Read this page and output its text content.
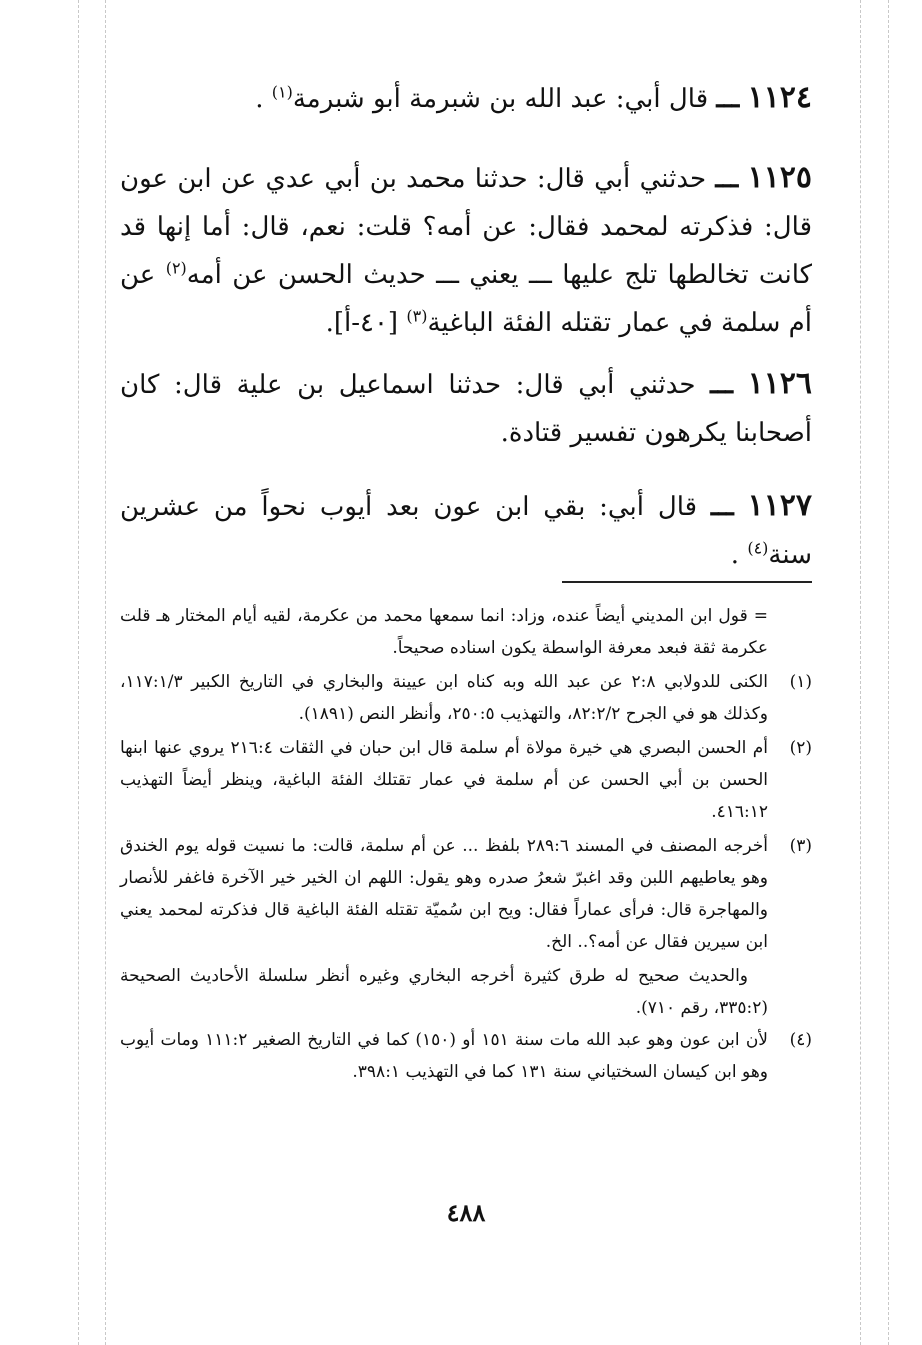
١١٢٤ ـــ قال أبي: عبد الله بن شبرمة أبو شبرمة$^{(١)}$ .

١١٢٥ ـــ حدثني أبي قال: حدثنا محمد بن أبي عدي عن ابن عون قال: فذكرته لمحمد فقال: عن أمه؟ قلت: نعم، قال: أما إنها قد كانت تخالطها تلج عليها ـــ يعني ـــ حديث الحسن عن أمه$^{(٢)}$ عن أم سلمة في عمار تقتله الفئة الباغية$^{(٣)}$ [٤٠-أ].

١١٢٦ ـــ حدثني أبي قال: حدثنا اسماعيل بن علية قال: كان أصحابنا يكرهون تفسير قتادة.

١١٢٧ ـــ قال أبي: بقي ابن عون بعد أيوب نحواً من عشرين سنة$^{(٤)}$ .

= قول ابن المديني أيضاً عنده، وزاد: انما سمعها محمد من عكرمة، لقيه أيام المختار هـ قلت عكرمة ثقة فبعد معرفة الواسطة يكون اسناده صحيحاً.
(١)
الكنى للدولابي ٢:٨ عن عبد الله وبه كناه ابن عيينة والبخاري في التاريخ الكبير ١١٧:١/٣، وكذلك هو في الجرح ٨٢:٢/٢، والتهذيب ٢٥٠:٥، وأنظر النص (١٨٩١).
(٢)
أم الحسن البصري هي خيرة مولاة أم سلمة قال ابن حبان في الثقات ٢١٦:٤ يروي عنها ابنها الحسن بن أبي الحسن عن أم سلمة في عمار تقتلك الفئة الباغية، وينظر أيضاً التهذيب ٤١٦:١٢.
(٣)
أخرجه المصنف في المسند ٢٨٩:٦ بلفظ ... عن أم سلمة، قالت: ما نسيت قوله يوم الخندق وهو يعاطيهم اللبن وقد اغبرّ شعرُ صدره وهو يقول: اللهم ان الخير خير الآخرة فاغفر للأنصار والمهاجرة قال: فرأى عماراً فقال: ويح ابن سُميّة تقتله الفئة الباغية قال فذكرته لمحمد يعني ابن سيرين فقال عن أمه؟.. الخ.
والحديث صحيح له طرق كثيرة أخرجه البخاري وغيره أنظر سلسلة الأحاديث الصحيحة (٣٣٥:٢، رقم ٧١٠).
(٤)
لأن ابن عون وهو عبد الله مات سنة ١٥١ أو (١٥٠) كما في التاريخ الصغير ١١١:٢ ومات أيوب وهو ابن كيسان السختياني سنة ١٣١ كما في التهذيب ٣٩٨:١.
٤٨٨
